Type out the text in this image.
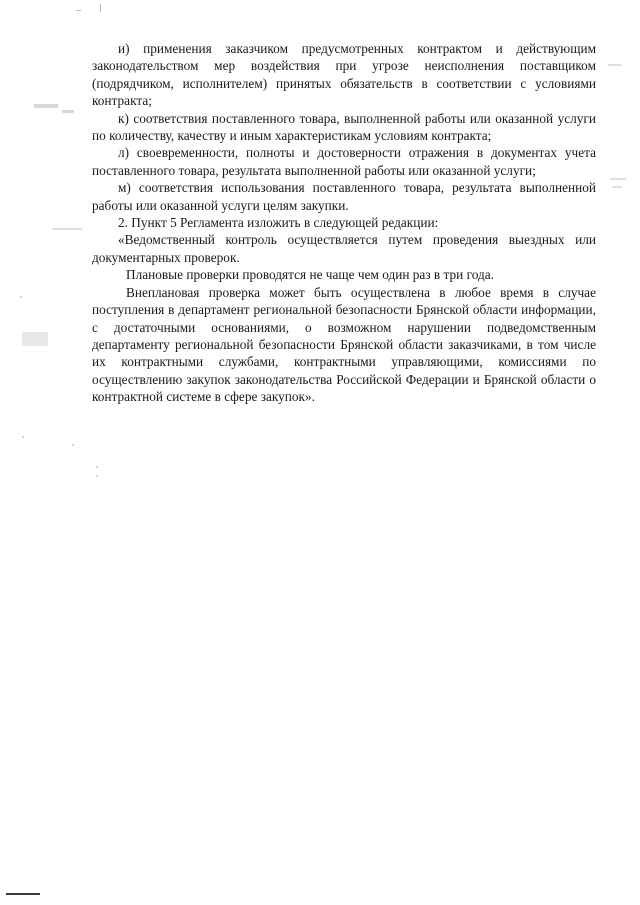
и) применения заказчиком предусмотренных контрактом и действующим законодательством мер воздействия при угрозе неисполнения поставщиком (подрядчиком, исполнителем) принятых обязательств в соответствии с условиями контракта;

к) соответствия поставленного товара, выполненной работы или оказанной услуги по количеству, качеству и иным характеристикам условиям контракта;

л) своевременности, полноты и достоверности отражения в документах учета поставленного товара, результата выполненной работы или оказанной услуги;

м) соответствия использования поставленного товара, результата выполненной работы или оказанной услуги целям закупки.

2. Пункт 5 Регламента изложить в следующей редакции:

«Ведомственный контроль осуществляется путем проведения выездных или документарных проверок.

Плановые проверки проводятся не чаще чем один раз в три года.

Внеплановая проверка может быть осуществлена в любое время в случае поступления в департамент региональной безопасности Брянской области информации, с достаточными основаниями, о возможном нарушении подведомственным департаменту региональной безопасности Брянской области заказчиками, в том числе их контрактными службами, контрактными управляющими, комиссиями по осуществлению закупок законодательства Российской Федерации и Брянской области о контрактной системе в сфере закупок».
